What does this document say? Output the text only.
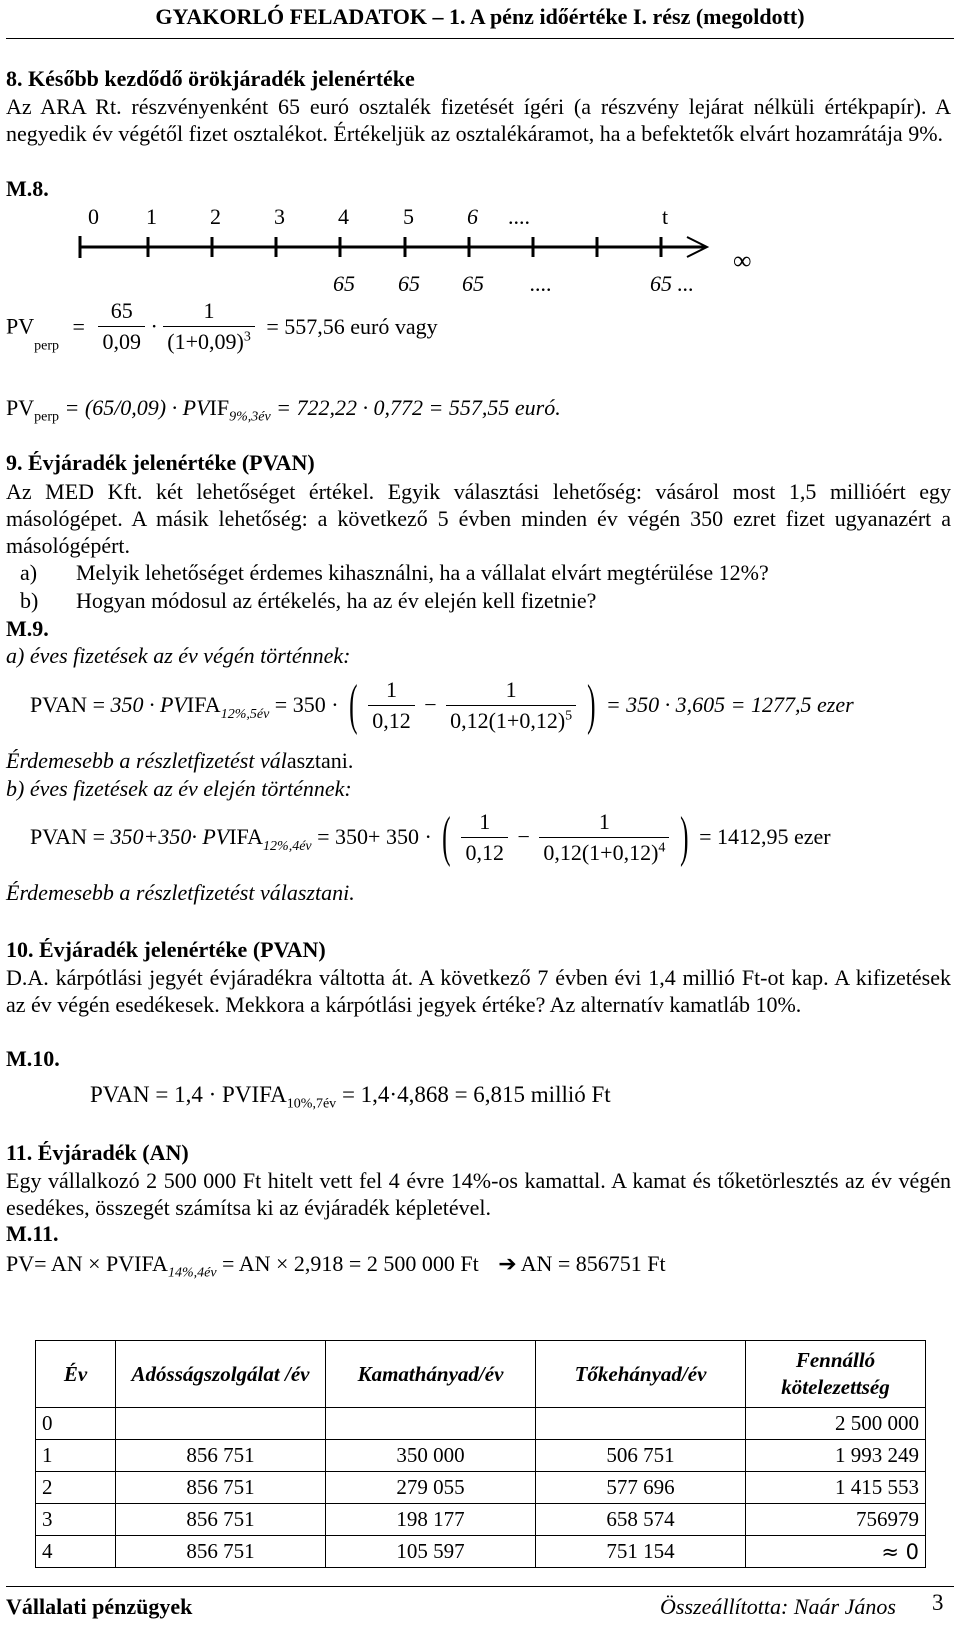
GYAKORLÓ FELADATOK – 1. A pénz időértéke I. rész (megoldott)
8. Később kezdődő örökjáradék jelenértéke
Az ARA Rt. részvényenként 65 euró osztalék fizetését ígéri (a részvény lejárat nélküli értékpapír). A negyedik év végétől fizet osztalékot. Értékeljük az osztalékáramot, ha a befektetők elvárt hozamrátája 9%.
M.8.
0 1 2 3 4 5 6 ....	t
∞
65 65 65 ....	65 ...
$PV_{perp} = \frac{65}{0,09} \cdot \frac{1}{(1+0,09)^3} = 557,56$ euró vagy
$PV_{perp} = (65/0,09)$ · $PVIF_{9\%,3év} = 722,22 \cdot 0,772 = 557,55$ euró.
9. Évjáradék jelenértéke (PVAN)
Az MED Kft. két lehetőséget értékel. Egyik választási lehetőség: vásárol most 1,5 millióért egy másológépet. A másik lehetőség: a következő 5 évben minden év végén 350 ezret fizet ugyanazért a másológépért.
a) Melyik lehetőséget érdemes kihasználni, ha a vállalat elvárt megtérülése 12%?
b) Hogyan módosul az értékelés, ha az év elején kell fizetnie?
M.9.
a) éves fizetések az év végén történnek:
PVAN = $350 \cdot PVIFA_{12\%,5év} = 350$ · ( $\frac{1}{0,12} - \frac{1}{0,12(1+0,12)^5}$ ) = 350 · 3,605 = 1277,5 ezer
Érdemesebb a részletfizetést választani.
b) éves fizetések az év elején történnek:
PVAN = $350+350\cdot PVIFA_{12\%,4év} = 350+ 350$ · ( $\frac{1}{0,12} - \frac{1}{0,12(1+0,12)^4}$ ) = 1412,95 ezer
Érdemesebb a részletfizetést választani.
10. Évjáradék jelenértéke (PVAN)
D.A. kárpótlási jegyét évjáradékra váltotta át. A következő 7 évben évi 1,4 millió Ft-ot kap. A kifizetések az év végén esedékesek. Mekkora a kárpótlási jegyek értéke? Az alternatív kamatláb 10%.
M.10.
PVAN = $1,4 \cdot PVIFA_{10\%,7év} = 1,4\cdot 4,868 = 6,815$ millió Ft
11. Évjáradék (AN)
Egy vállalkozó 2 500 000 Ft hitelt vett fel 4 évre 14%-os kamattal. A kamat és tőketörlesztés az év végén esedékes, összegét számítsa ki az évjáradék képletével.
M.11.
PV= AN × $PVIFA_{14\%,4év}$ = AN × 2,918 = 2 500 000 Ft ➔ AN = 856751 Ft
Év	Adósságszolgálat /év	Kamathányad/év	Tőkehányad/év	Fennálló kötelezettség
0				2 500 000
1	856 751	350 000	506 751	1 993 249
2	856 751	279 055	577 696	1 415 553
3	856 751	198 177	658 574	756979
4	856 751	105 597	751 154	≈ 0
Vállalati pénzügyek	Összeállította: Naár János 3
